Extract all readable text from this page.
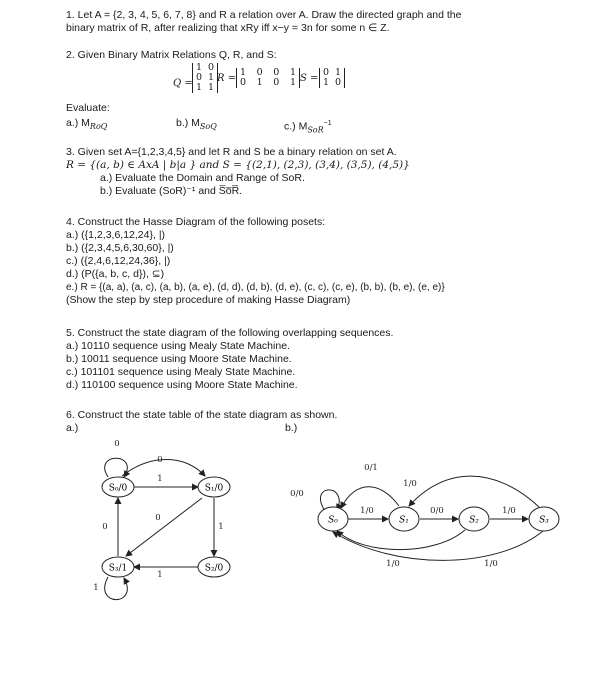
1. Let A = {2, 3, 4, 5, 6, 7, 8} and R a relation over A. Draw the directed graph and the
binary matrix of R, after realizing that xRy iff x−y = 3n for some n ∈ Z.
2. Given Binary Matrix Relations Q, R, and S:
Q =
1 0
0 1
1 1
R =
1 0 0 1
0 1 0 1 S =
0 1
1 0
Evaluate:
a.) $M_{RoQ}$	b.) $M_{SoQ}$	c.) $M_{SoR}^{-1}$
3. Given set A={1,2,3,4,5} and let R and S be a binary relation on set A.
R = {(a, b) ∈ AxA | b|a } and S = {(2,1), (2,3), (3,4), (3,5), (4,5)}
a.) Evaluate the Domain and Range of SoR.
b.) Evaluate (SoR)⁻¹ and S̅o̅R̅.
4. Construct the Hasse Diagram of the following posets:
a.) ({1,2,3,6,12,24}, |)
b.) ({2,3,4,5,6,30,60}, |)
c.) ({2,4,6,12,24,36}, |)
d.) (P({a, b, c, d}), ⊆)
e.) R = {(a, a), (a, c), (a, b), (a, e), (d, d), (d, b), (d, e), (c, c), (c, e), (b, b), (b, e), (e, e)}
(Show the step by step procedure of making Hasse Diagram)
5. Construct the state diagram of the following overlapping sequences.
a.) 10110 sequence using Mealy State Machine.
b.) 10011 sequence using Moore State Machine.
c.) 101101 sequence using Mealy State Machine.
d.) 110100 sequence using Moore State Machine.
6. Construct the state table of the state diagram as shown.
a.)	b.)
S₀/0	S₁/0
S₂/0
S₃/1
0
0
1
0
1
0
1
1
S₀	S₁	S₂	S₃
0/0
0/1
1/0
1/0	0/0	1/0
1/0	1/0
